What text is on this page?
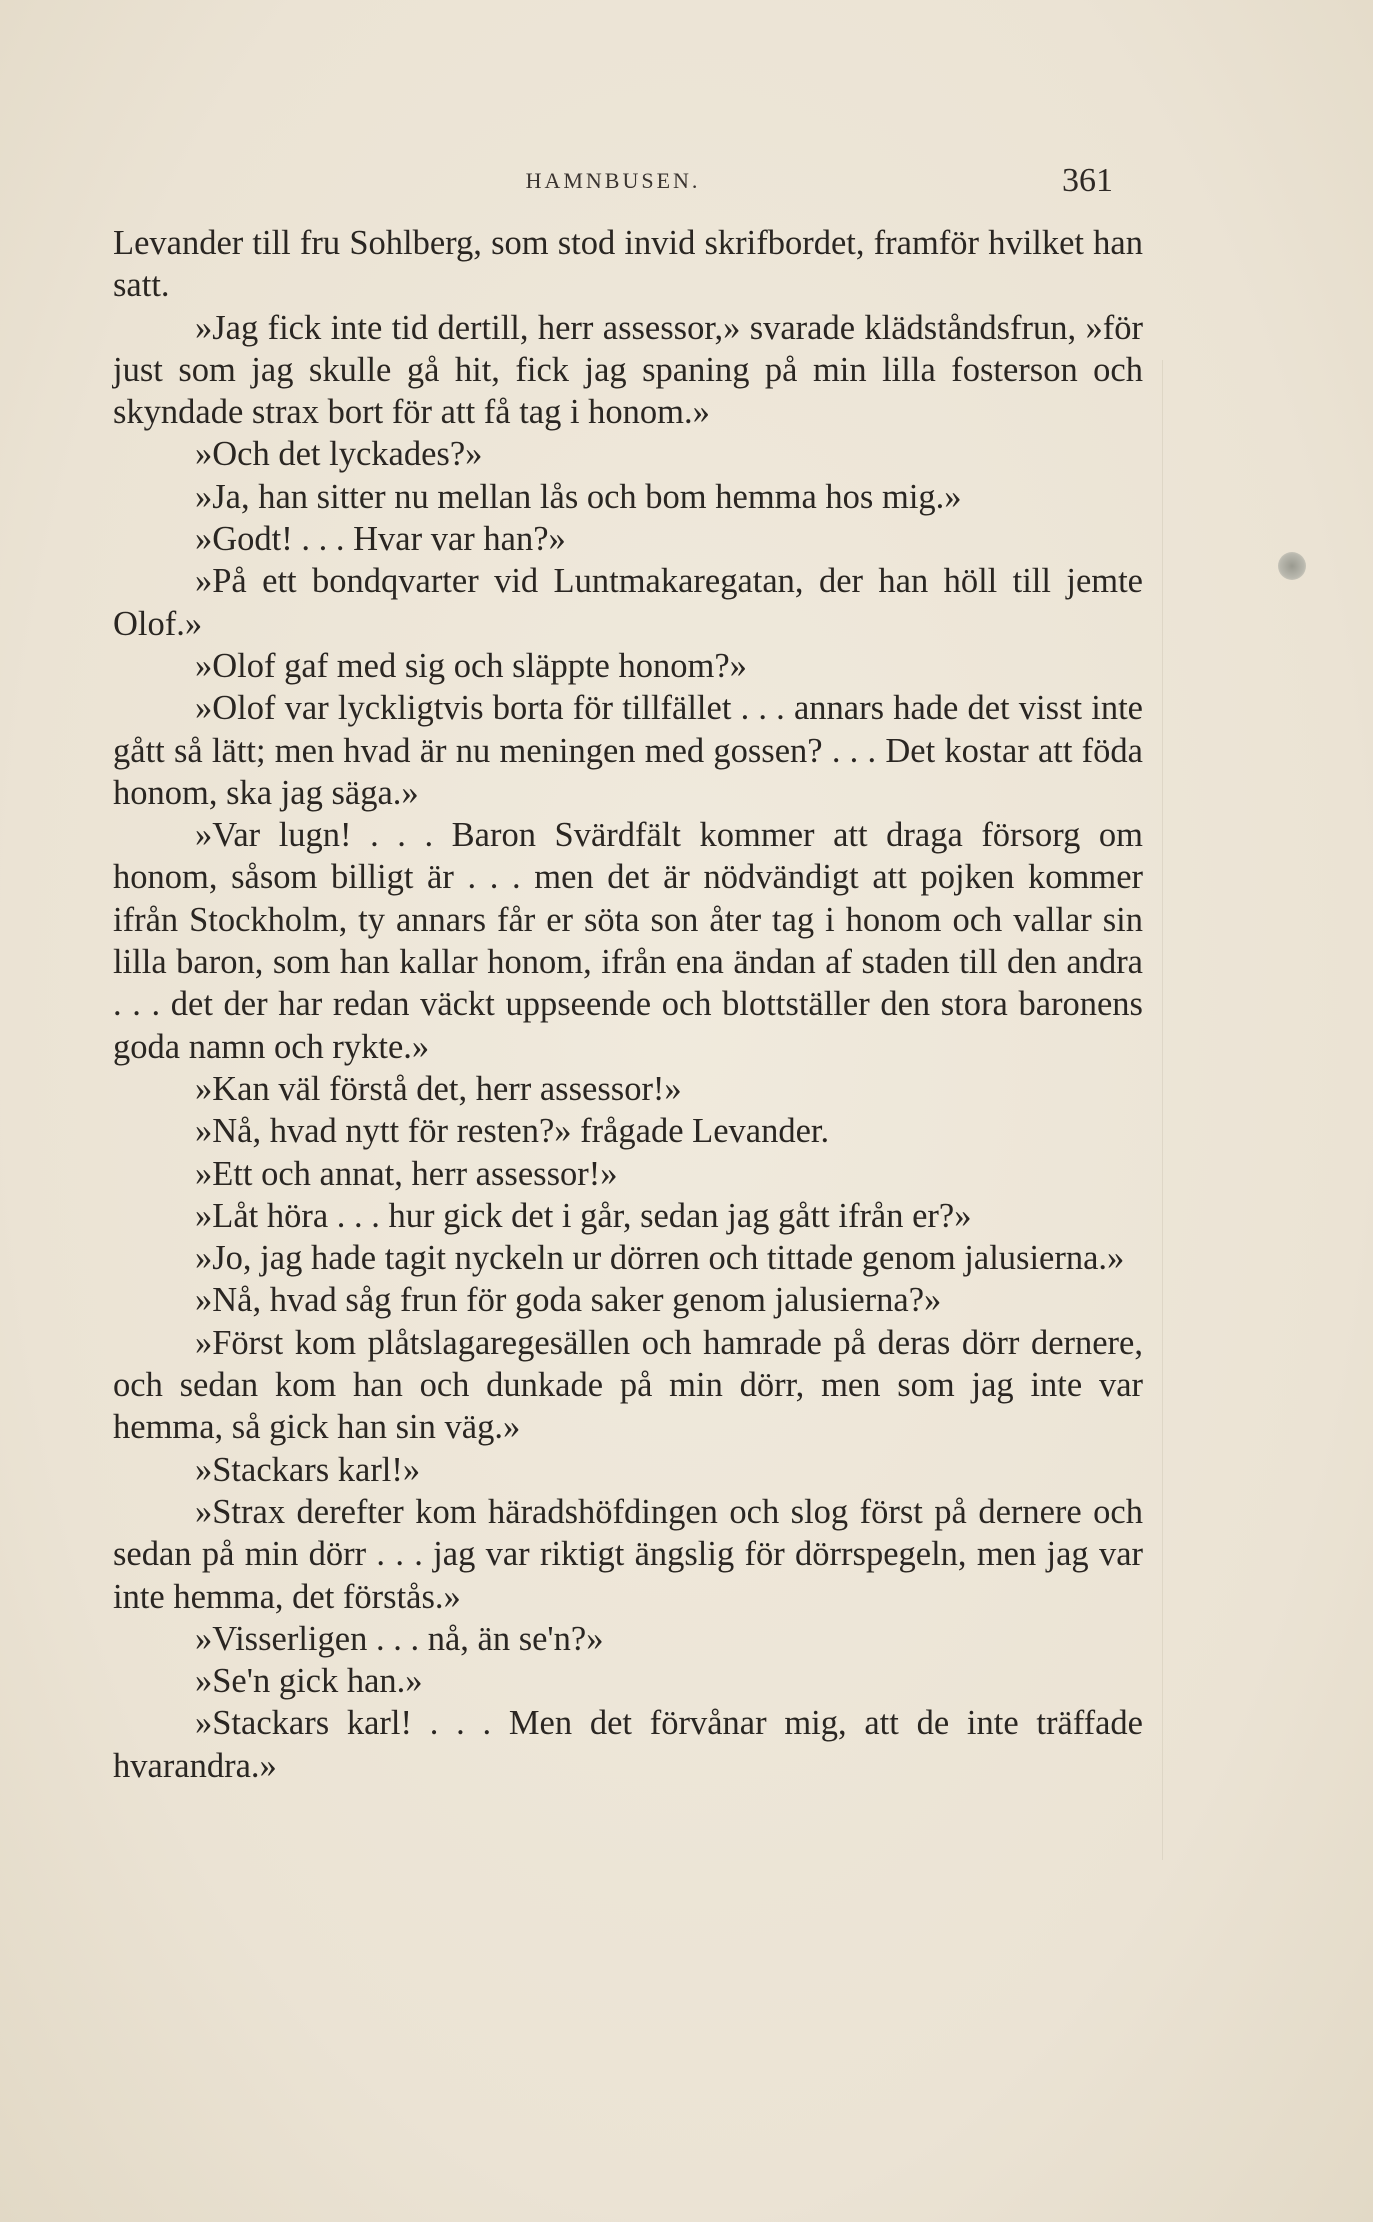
HAMNBUSEN.	361

Levander till fru Sohlberg, som stod invid skrifbordet, framför hvilket han satt.

»Jag fick inte tid dertill, herr assessor,» svarade klädståndsfrun, »för just som jag skulle gå hit, fick jag spaning på min lilla fosterson och skyndade strax bort för att få tag i honom.»

»Och det lyckades?»

»Ja, han sitter nu mellan lås och bom hemma hos mig.»

»Godt! . . . Hvar var han?»

»På ett bondqvarter vid Luntmakaregatan, der han höll till jemte Olof.»

»Olof gaf med sig och släppte honom?»

»Olof var lyckligtvis borta för tillfället . . . annars hade det visst inte gått så lätt; men hvad är nu meningen med gossen? . . . Det kostar att föda honom, ska jag säga.»

»Var lugn! . . . Baron Svärdfält kommer att draga försorg om honom, såsom billigt är . . . men det är nödvändigt att pojken kommer ifrån Stockholm, ty annars får er söta son åter tag i honom och vallar sin lilla baron, som han kallar honom, ifrån ena ändan af staden till den andra . . . det der har redan väckt uppseende och blottställer den stora baronens goda namn och rykte.»

»Kan väl förstå det, herr assessor!»

»Nå, hvad nytt för resten?» frågade Levander.

»Ett och annat, herr assessor!»

»Låt höra . . . hur gick det i går, sedan jag gått ifrån er?»

»Jo, jag hade tagit nyckeln ur dörren och tittade genom jalusierna.»

»Nå, hvad såg frun för goda saker genom jalusierna?»

»Först kom plåtslagaregesällen och hamrade på deras dörr dernere, och sedan kom han och dunkade på min dörr, men som jag inte var hemma, så gick han sin väg.»

»Stackars karl!»

»Strax derefter kom häradshöfdingen och slog först på dernere och sedan på min dörr . . . jag var riktigt ängslig för dörrspegeln, men jag var inte hemma, det förstås.»

»Visserligen . . . nå, än se'n?»

»Se'n gick han.»

»Stackars karl! . . . Men det förvånar mig, att de inte träffade hvarandra.»
